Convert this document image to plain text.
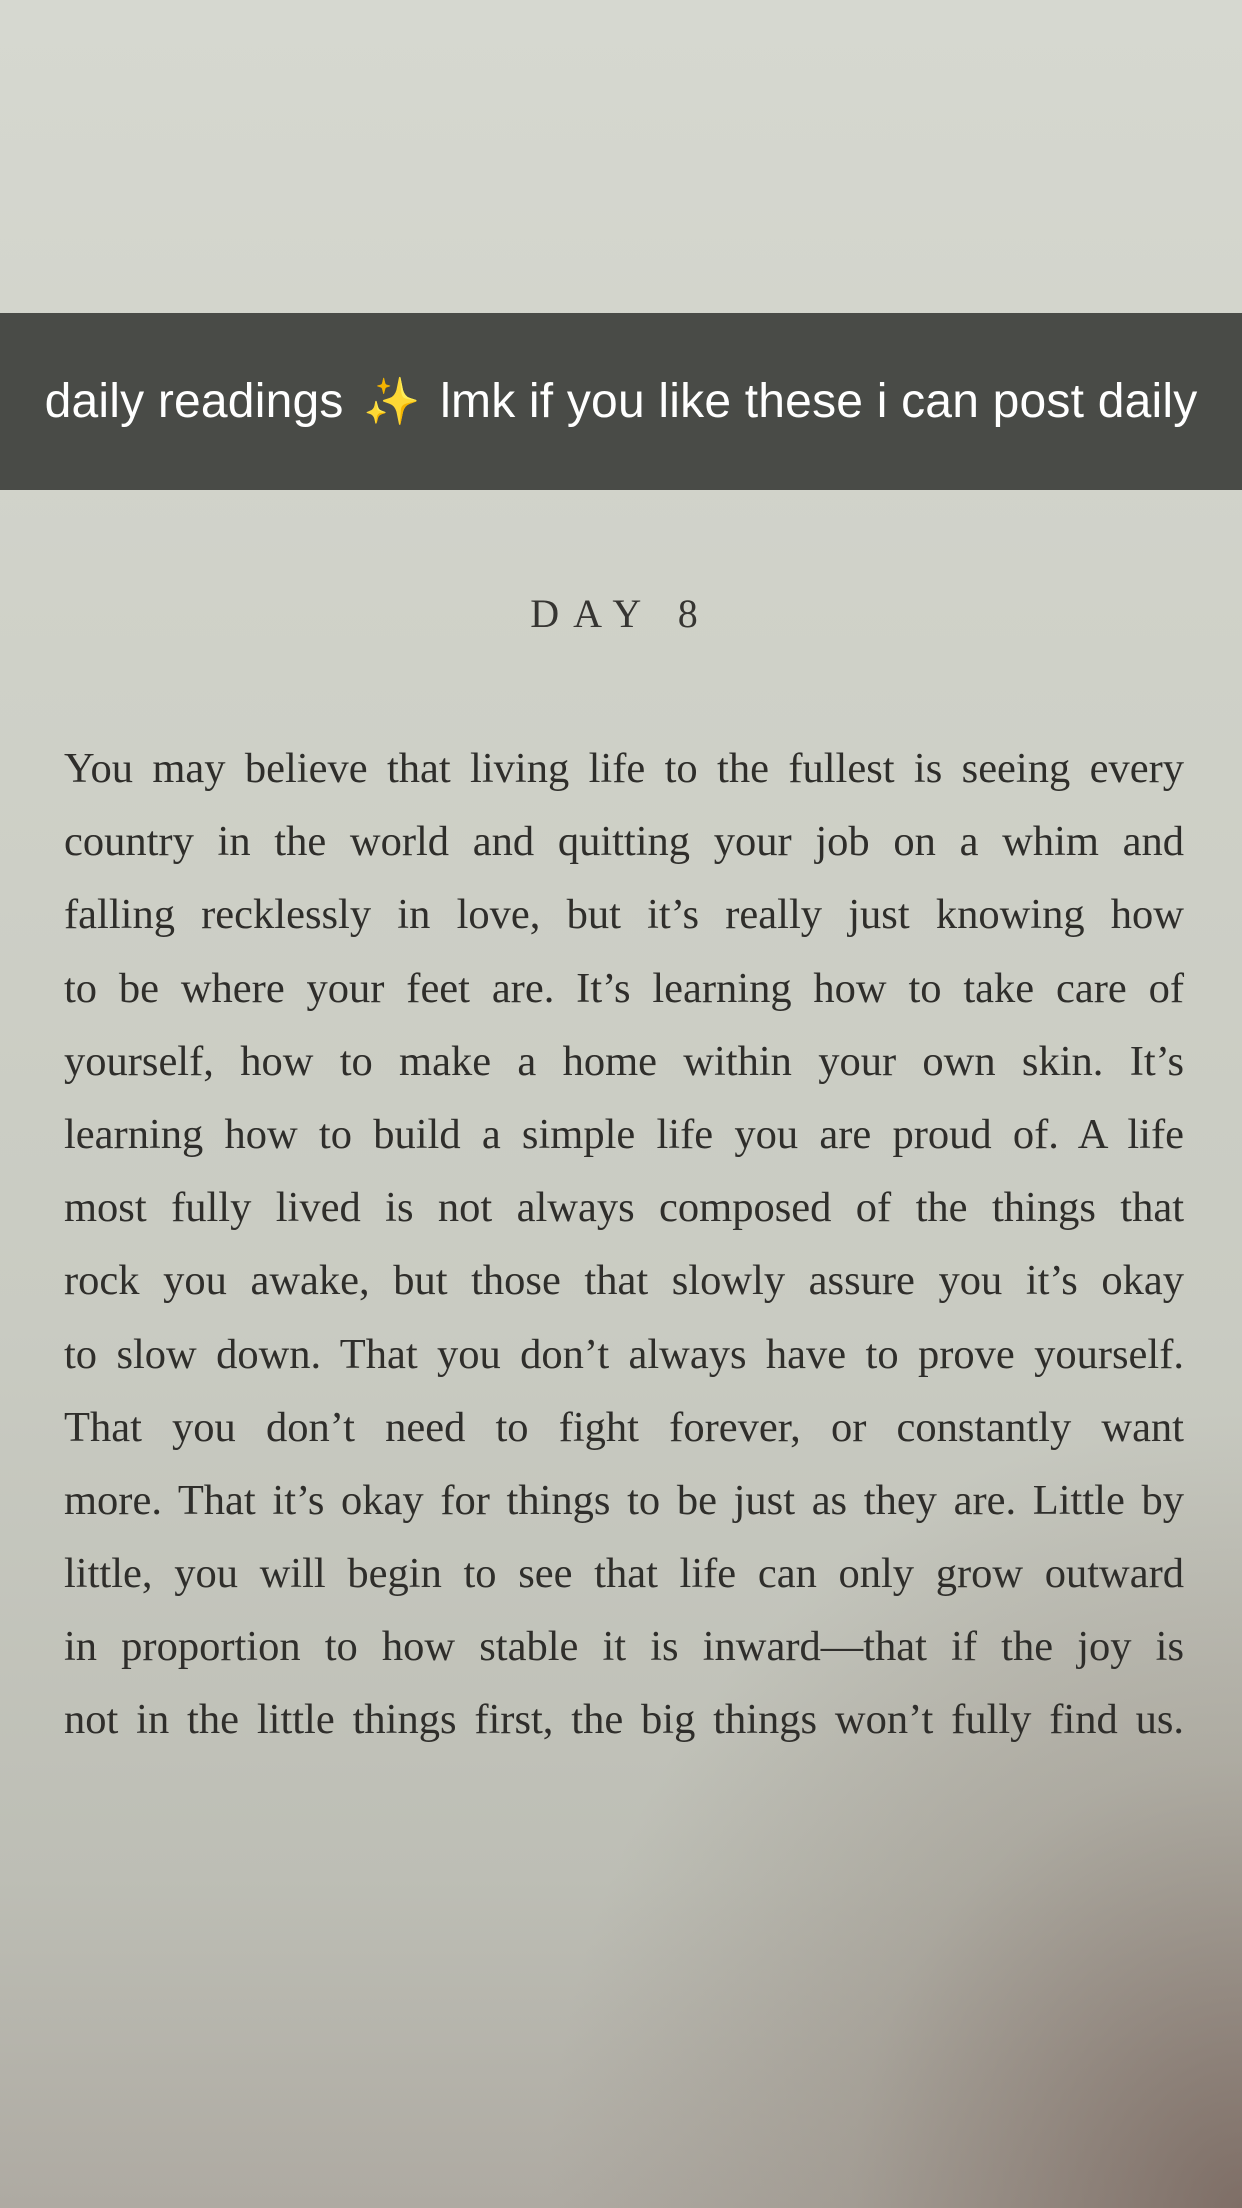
daily readings ✨ lmk if you like these i can post daily
DAY 8
You may believe that living life to the fullest is seeing every
country in the world and quitting your job on a whim and
falling recklessly in love, but it’s really just knowing how
to be where your feet are. It’s learning how to take care of
yourself, how to make a home within your own skin. It’s
learning how to build a simple life you are proud of. A life
most fully lived is not always composed of the things that
rock you awake, but those that slowly assure you it’s okay
to slow down. That you don’t always have to prove yourself.
That you don’t need to fight forever, or constantly want
more. That it’s okay for things to be just as they are. Little by
little, you will begin to see that life can only grow outward
in proportion to how stable it is inward—that if the joy is
not in the little things first, the big things won’t fully find us.
